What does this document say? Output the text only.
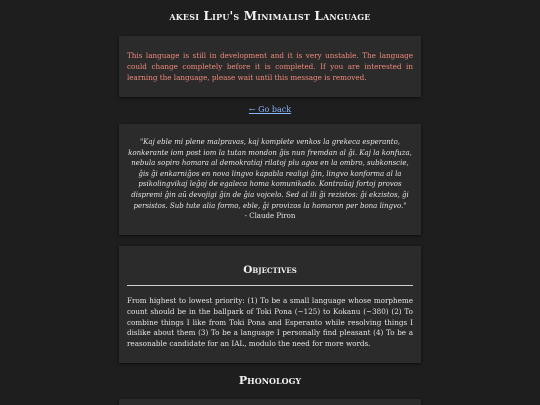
akesi Lipu's Minimalist Language
This language is still in development and it is very unstable. The language could change completely before it is completed. If you are interested in learning the language, please wait until this message is removed.
← Go back
"Kaj eble mi plene malpravas, kaj komplete venkos la grekeca esperanto, konkerante iom post iom la tutan mondon ĝis nun fremdan al ĝi. Kaj la konfuza, nebula sopiro homara al demokratiaj rilatoj plu agos en la ombro, subkonscie, ĝis ĝi enkarniĝos en nova lingvo kapabla realigi ĝin, lingvo konforma al la psikolingvikaj leĝoj de egaleca homa komunikado. Kontraŭaj fortoj provos dispremi ĝin aŭ devojigi ĝin de ĝia vojcelo. Sed al ili ĝi rezistos: ĝi ekzistos, ĝi persistos. Sub tute alia formo, eble, ĝi provizos la homaron per bona lingvo."
- Claude Piron
Objectives
From highest to lowest priority: (1) To be a small language whose morpheme count should be in the ballpark of Toki Pona (~125) to Kokanu (~380) (2) To combine things I like from Toki Pona and Esperanto while resolving things I dislike about them (3) To be a language I personally find pleasant (4) To be a reasonable candidate for an IAL, modulo the need for more words.
Phonology
